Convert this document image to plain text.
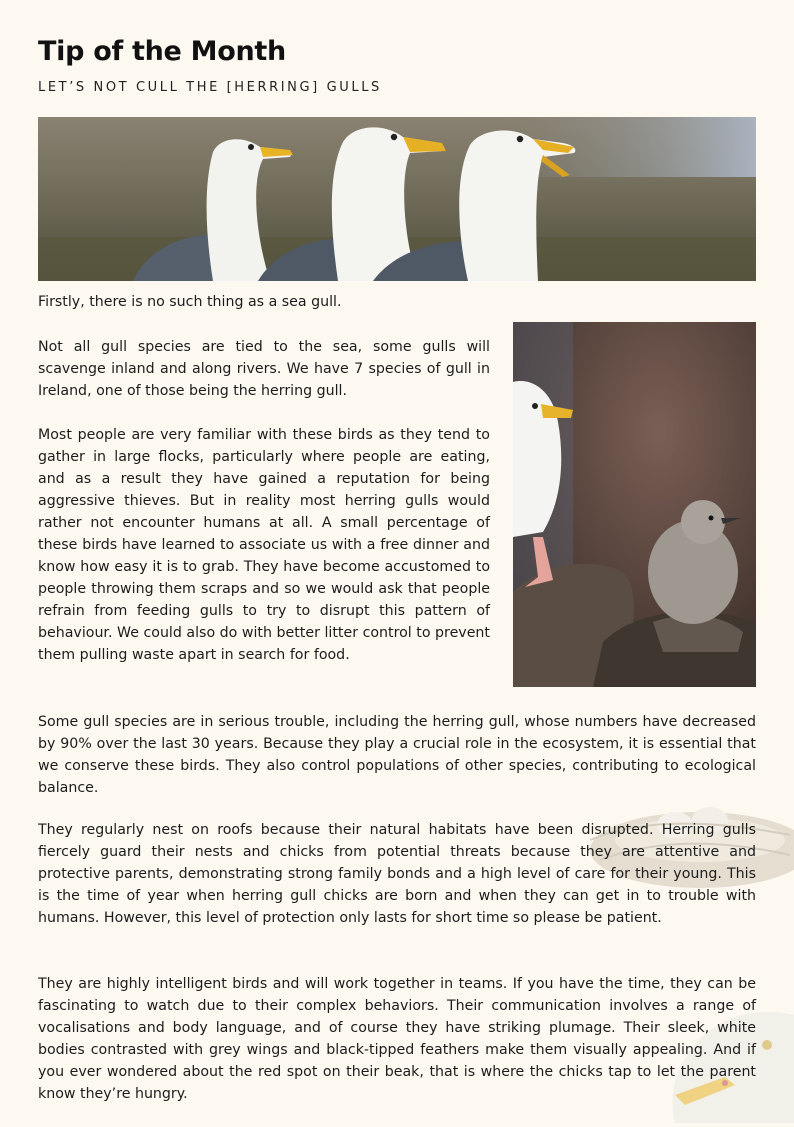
Tip of the Month
LET’S NOT CULL THE [HERRING] GULLS

Firstly, there is no such thing as a sea gull.

Not all gull species are tied to the sea, some gulls will scavenge inland and along rivers. We have 7 species of gull in Ireland, one of those being the herring gull.

Most people are very familiar with these birds as they tend to gather in large flocks, particularly where people are eating, and as a result they have gained a reputation for being aggressive thieves. But in reality most herring gulls would rather not encounter humans at all. A small percentage of these birds have learned to associate us with a free dinner and know how easy it is to grab. They have become accustomed to people throwing them scraps and so we would ask that people refrain from feeding gulls to try to disrupt this pattern of behaviour. We could also do with better litter control to prevent them pulling waste apart in search for food.

Some gull species are in serious trouble, including the herring gull, whose numbers have decreased by 90% over the last 30 years. Because they play a crucial role in the ecosystem, it is essential that we conserve these birds. They also control populations of other species, contributing to ecological balance.

They regularly nest on roofs because their natural habitats have been disrupted. Herring gulls fiercely guard their nests and chicks from potential threats because they are attentive and protective parents, demonstrating strong family bonds and a high level of care for their young. This is the time of year when herring gull chicks are born and when they can get in to trouble with humans. However, this level of protection only lasts for short time so please be patient.

They are highly intelligent birds and will work together in teams. If you have the time, they can be fascinating to watch due to their complex behaviors. Their communication involves a range of vocalisations and body language, and of course they have striking plumage. Their sleek, white bodies contrasted with grey wings and black-tipped feathers make them visually appealing. And if you ever wondered about the red spot on their beak, that is where the chicks tap to let the parent know they’re hungry.
